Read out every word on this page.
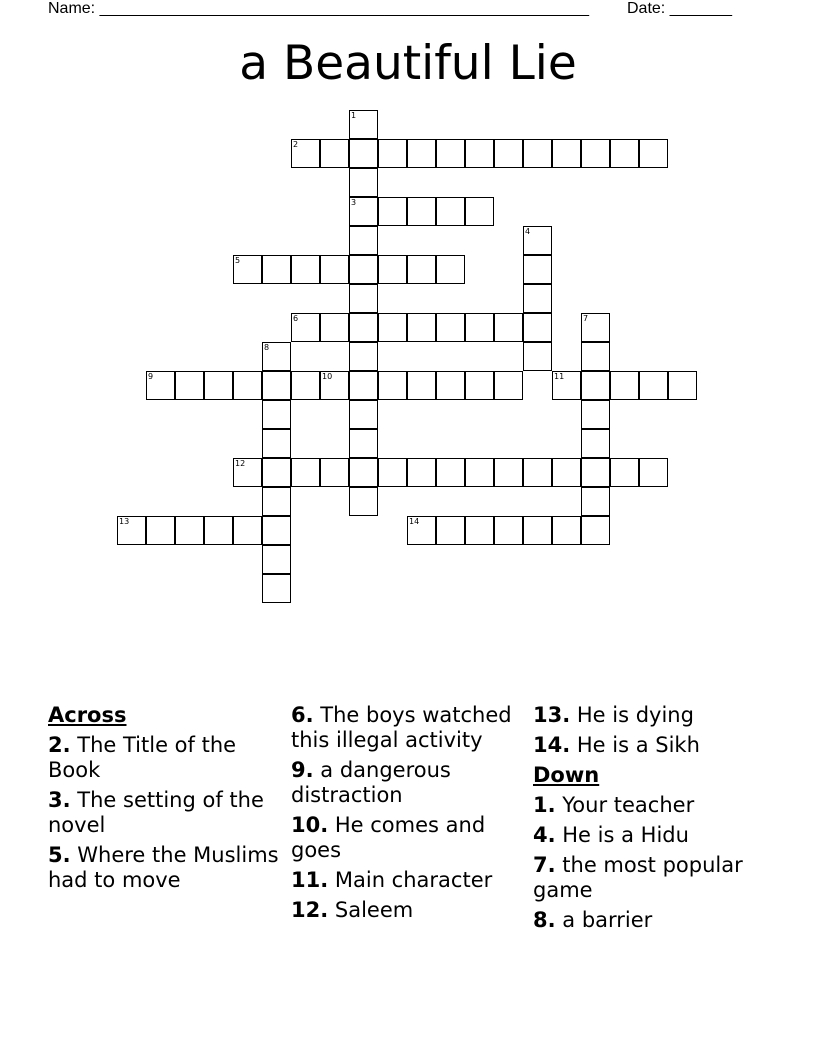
Name: _______________________________________________________ Date: _______
a Beautiful Lie
1
3
2
4
5
6	7
8
9	10	11
12
13	14
Across
2. The Title of the Book
3. The setting of the novel
5. Where the Muslims had to move
6. The boys watched this illegal activity
9. a dangerous distraction
10. He comes and goes
11. Main character
12. Saleem
13. He is dying
14. He is a Sikh
Down
1. Your teacher
4. He is a Hidu
7. the most popular game
8. a barrier
